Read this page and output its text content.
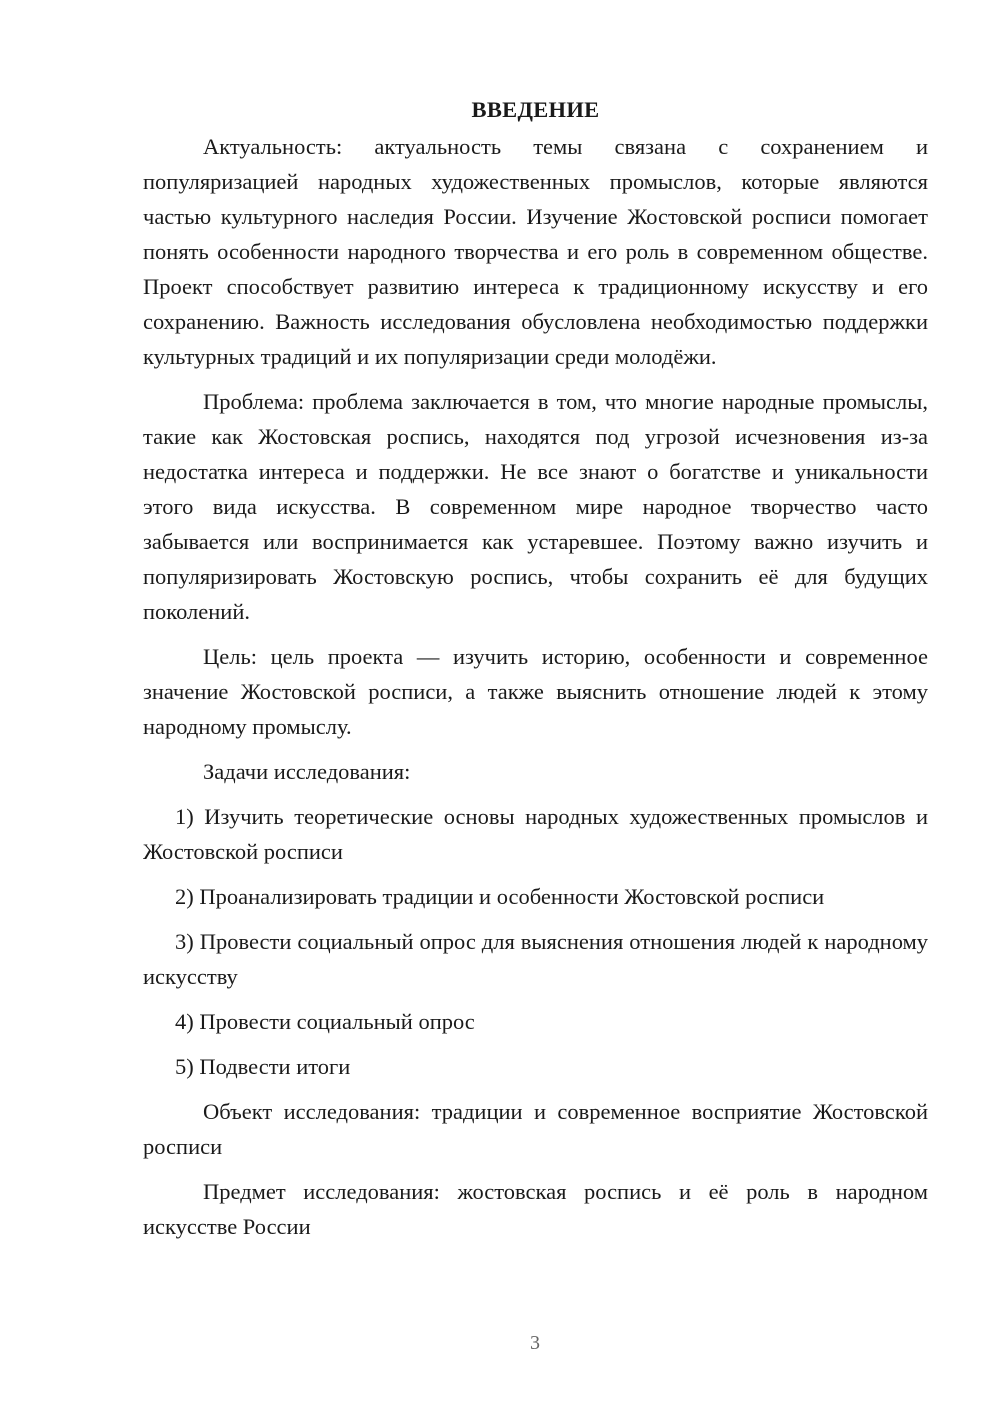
ВВЕДЕНИЕ

Актуальность: актуальность темы связана с сохранением и популяризацией народных художественных промыслов, которые являются частью культурного наследия России. Изучение Жостовской росписи помогает понять особенности народного творчества и его роль в современном обществе. Проект способствует развитию интереса к традиционному искусству и его сохранению. Важность исследования обусловлена необходимостью поддержки культурных традиций и их популяризации среди молодёжи.

Проблема: проблема заключается в том, что многие народные промыслы, такие как Жостовская роспись, находятся под угрозой исчезновения из-за недостатка интереса и поддержки. Не все знают о богатстве и уникальности этого вида искусства. В современном мире народное творчество часто забывается или воспринимается как устаревшее. Поэтому важно изучить и популяризировать Жостовскую роспись, чтобы сохранить её для будущих поколений.

Цель: цель проекта — изучить историю, особенности и современное значение Жостовской росписи, а также выяснить отношение людей к этому народному промыслу.

Задачи исследования:

1) Изучить теоретические основы народных художественных промыслов и Жостовской росписи

2) Проанализировать традиции и особенности Жостовской росписи

3) Провести социальный опрос для выяснения отношения людей к народному искусству

4) Провести социальный опрос

5) Подвести итоги

Объект исследования: традиции и современное восприятие Жостовской росписи

Предмет исследования: жостовская роспись и её роль в народном искусстве России

3
